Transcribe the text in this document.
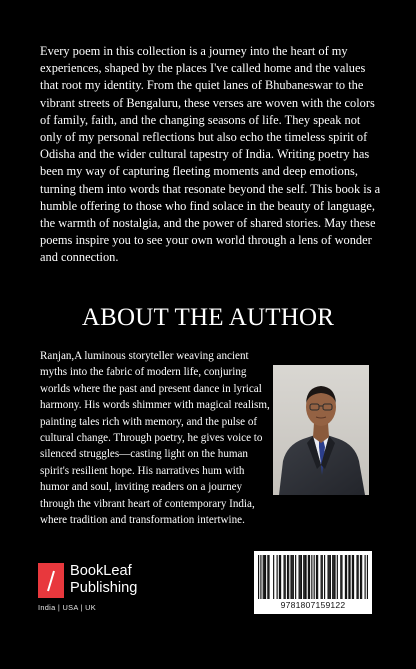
Every poem in this collection is a journey into the heart of my experiences, shaped by the places I've called home and the values that root my identity. From the quiet lanes of Bhubaneswar to the vibrant streets of Bengaluru, these verses are woven with the colors of family, faith, and the changing seasons of life. They speak not only of my personal reflections but also echo the timeless spirit of Odisha and the wider cultural tapestry of India. Writing poetry has been my way of capturing fleeting moments and deep emotions, turning them into words that resonate beyond the self. This book is a humble offering to those who find solace in the beauty of language, the warmth of nostalgia, and the power of shared stories. May these poems inspire you to see your own world through a lens of wonder and connection.

ABOUT THE AUTHOR

Ranjan,A luminous storyteller weaving ancient myths into the fabric of modern life, conjuring worlds where the past and present dance in lyrical harmony. His words shimmer with magical realism, painting tales rich with memory, and the pulse of cultural change. Through poetry, he gives voice to silenced struggles—casting light on the human spirit's resilient hope. His narratives hum with humor and soul, inviting readers on a journey through the vibrant heart of contemporary India, where tradition and transformation intertwine.

BookLeaf
Publishing
India | USA | UK	9781807159122
